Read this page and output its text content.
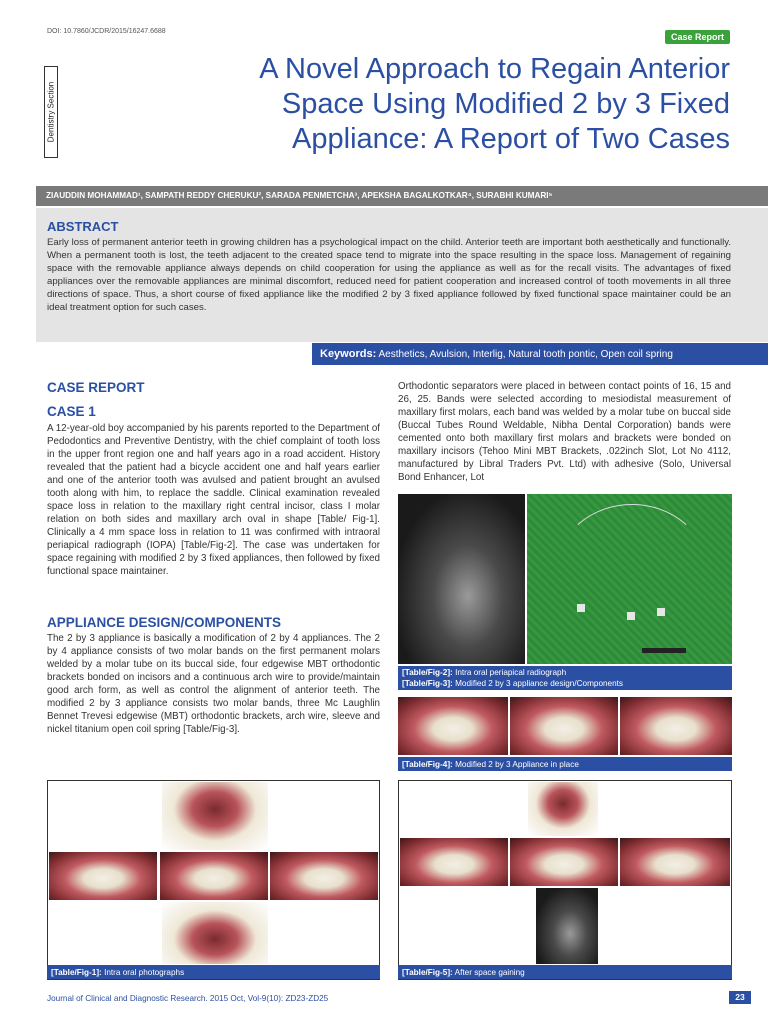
DOI: 10.7860/JCDR/2015/16247.6688
Case Report
Dentistry Section
A Novel Approach to Regain Anterior Space Using Modified 2 by 3 Fixed Appliance: A Report of Two Cases
ZIAUDDIN MOHAMMAD¹, SAMPATH REDDY CHERUKU², SARADA PENMETCHA³, APEKSHA BAGALKOTKAR⁴, SURABHI KUMARI⁵
ABSTRACT

Early loss of permanent anterior teeth in growing children has a psychological impact on the child. Anterior teeth are important both aesthetically and functionally. When a permanent tooth is lost, the teeth adjacent to the created space tend to migrate into the space resulting in the space loss. Management of regaining space with the removable appliance always depends on child cooperation for using the appliance as well as for the recall visits. The advantages of fixed appliances over the removable appliances are minimal discomfort, reduced need for patient cooperation and increased control of tooth movements in all three directions of space. Thus, a short course of fixed appliance like the modified 2 by 3 fixed appliance followed by fixed functional space maintainer could be an ideal treatment option for such cases.

Keywords: Aesthetics, Avulsion, Interlig, Natural tooth pontic, Open coil spring
CASE REPORT
CASE 1

A 12-year-old boy accompanied by his parents reported to the Department of Pedodontics and Preventive Dentistry, with the chief complaint of tooth loss in the upper front region one and half years ago in a road accident. History revealed that the patient had a bicycle accident one and half years earlier and one of the anterior tooth was avulsed and patient brought an avulsed tooth along with him, to replace the saddle. Clinical examination revealed space loss in relation to the maxillary right central incisor, class I molar relation on both sides and maxillary arch oval in shape [Table/ Fig-1]. Clinically a 4 mm space loss in relation to 11 was confirmed with intraoral periapical radiograph (IOPA) [Table/Fig-2]. The case was undertaken for space regaining with modified 2 by 3 fixed appliances, then followed by fixed functional space maintainer.

APPLIANCE DESIGN/COMPONENTS

The 2 by 3 appliance is basically a modification of 2 by 4 appliances. The 2 by 4 appliance consists of two molar bands on the first permanent molars welded by a molar tube on its buccal side, four edgewise MBT orthodontic brackets bonded on incisors and a continuous arch wire to provide/maintain good arch form, as well as control the alignment of anterior teeth. The modified 2 by 3 appliance consists two molar bands, three Mc Laughlin Bennet Trevesi edgewise (MBT) orthodontic brackets, arch wire, sleeve and nickel titanium open coil spring [Table/Fig-3].

Orthodontic separators were placed in between contact points of 16, 15 and 26, 25. Bands were selected according to mesiodistal measurement of maxillary first molars, each band was welded by a molar tube on buccal side (Buccal Tubes Round Weldable, Nibha Dental Corporation) bands were cemented onto both maxillary first molars and brackets were bonded on maxillary incisors (Tehoo Mini MBT Brackets, .022inch Slot, Lot No 4112, manufactured by Libral Traders Pvt. Ltd) with adhesive (Solo, Universal Bond Enhancer, Lot

[Table/Fig-2]: Intra oral periapical radiograph
[Table/Fig-3]: Modified 2 by 3 appliance design/Components
[Table/Fig-4]: Modified 2 by 3 Appliance in place
[Table/Fig-1]: Intra oral photographs	[Table/Fig-5]: After space gaining
Journal of Clinical and Diagnostic Research. 2015 Oct, Vol-9(10): ZD23-ZD25	23
